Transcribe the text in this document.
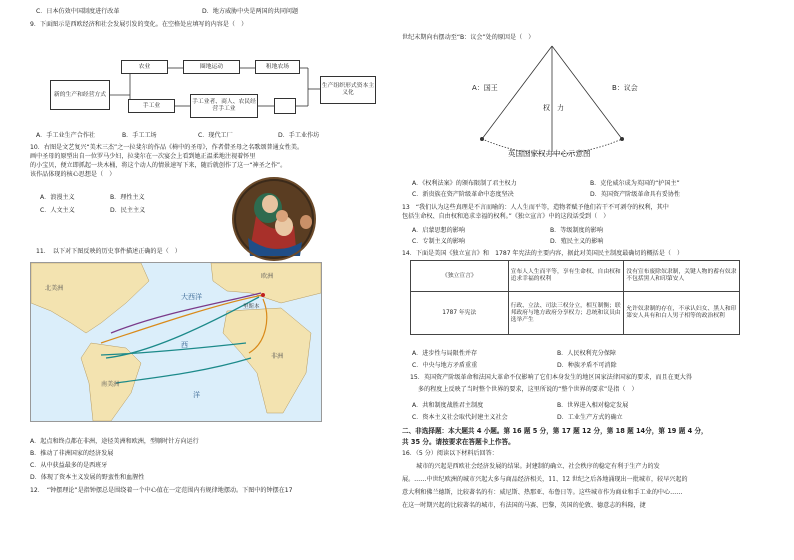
C．日本仿效中国制度进行改革	D．地方威胁中央是两国的共同问题
9．下面图示是西欧经济和社会发展引发的变化。在空格处应填写的内容是（　）
新的生产和经营方式
农业	圈地运动	租地农场
手工业
手工业者、商人、农民经营手工业
生产组织形式资本主义化
A．手工业生产合作社	B．手工工场	C．现代工厂	D．手工业作坊
10．右图是文艺复兴“美术三杰”之一拉斐尔的作品《椅中的圣母》，作者借圣母之名歌颂普通女性美。
画中圣母的原型出自一位罗马少妇，拉斐尔在一次宴会上看到她正温柔地注视着怀里
的小宝贝，便立即抓起一块木桶，将这个动人的情景速写下来，随后就创作了这一“神圣之作”。
该作品体现的核心思想是（　）
A．浪漫主义	B．理性主义
C．人文主义	D．民主主义
11．　以下对下图反映的历史事件描述正确的是（　）
北美洲
欧洲
大西洋
非洲
南美洲
西
洋
里斯本
A．起点和终点都在非洲，途径美洲和欧洲，型顺时针方向运行
B．推动了非洲国家的经济发展
C．从中获益最多的是西班牙
D．体现了资本主义发展的野蛮性和血腥性
12．　“钟摆理论”是指钟摆总是围绕着一个中心值在一定范围内有规律地摆动。下图中的钟摆在17
世纪末期向右摆动至“B：议会”处的原因是（　）
A：国王	B：议会
权　力
英国国家权力中心示意图
A．《权利法案》的颁布限制了君主权力	B．克伦威尔成为英国的“护国主”
C．新贵族在资产阶级革命中态度坚决	D．英国资产阶级革命具有妥协性
13　“我们认为这些真理是不言而喻的：人人生而平等，造物者赋予他们若干不可剥夺的权利，其中
包括生命权、自由权和追求幸福的权利。”《独立宣言》中的这段话受到（　）
A．启蒙思想的影响	B．等级制度的影响
C．专制主义的影响	D．殖民主义的影响
14．下面是美国《独立宣言》和　1787 年宪法的主要内容，据此对美国民主制度最确切的概括是（　）
《独立宣言》	宣布人人生而平等，享有生命权、自由权和追求幸福的权利	没有宣布废除奴隶制，关键人物的蓄有奴隶不包括黑人和印第安人
1787 年宪法	行政、立法、司法三权分立，相互制衡；联邦政府与地方政府分享权力；总统和议员由选举产生	允许奴隶制的存在，不承认妇女、黑人和印第安人具有和白人男子相等的政治权利
A．进步性与局限性并存	B．人民权利充分保障
C．中央与地方矛盾重重	D．种族矛盾不可消除
15．英国资产阶级革命和法国大革命不仅影响了它们本身发生的地区国家法律国家的要求，而且在更大得
多的程度上反映了当时整个世界的要求，这里所说的“整个世界的要求”是指（　）
A．共和制度战胜君主制度	B．世界进入相对稳定发展
C．资本主义社会取代封建主义社会	D．工业生产方式的确立
二、非选择题：本大题共 4 小题。第 16 题 5 分，第 17 题 12 分，第 18 题 14分，第 19 题 4 分，
共 35 分。请按要求在答题卡上作答。
16．（5 分）阅读以下材料后回答：
城市的兴起是西欧社会经济发展的结果。封建制的确立、社会秩序的稳定有利于生产力的发
展。……中世纪欧洲的城市兴起大多与商品经济相关，11、12 世纪之后各地涌现出一批城市，较早兴起的
意大利和佛兰德斯，比较著名的有：威尼斯、热那亚、布鲁日等。这些城市作为商业和手工业的中心……
在这一时期兴起的比较著名的城市，有法国的马赛、巴黎，英国的伦敦、德意志的科隆，捷
